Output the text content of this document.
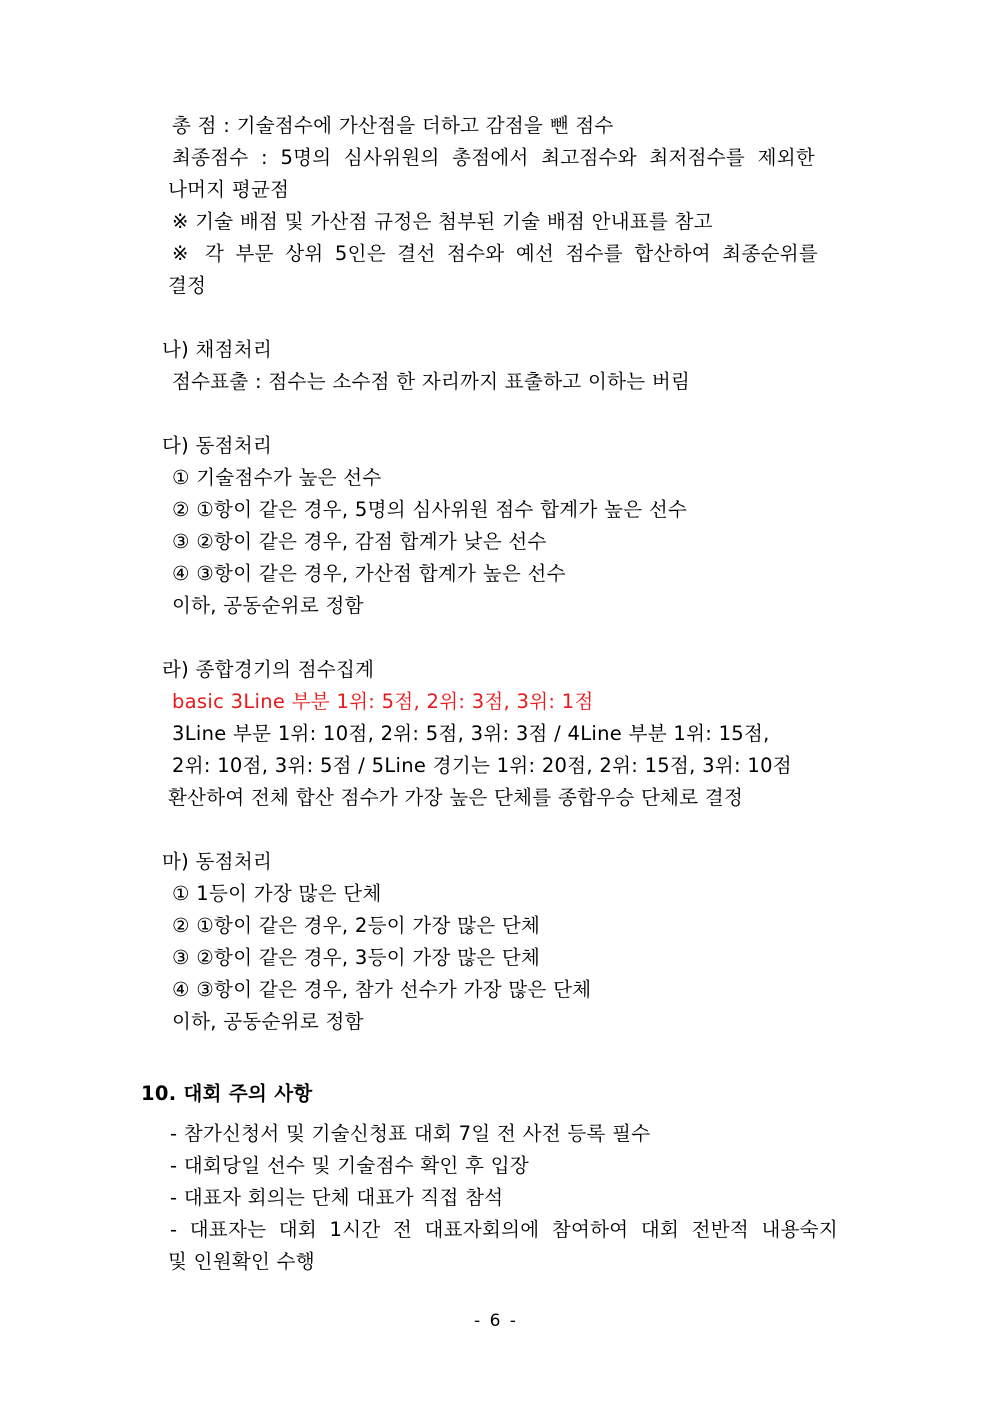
총 점 : 기술점수에 가산점을 더하고 감점을 뺀 점수
최종점수 : 5명의 심사위원의 총점에서 최고점수와 최저점수를 제외한
나머지 평균점
※ 기술 배점 및 가산점 규정은 첨부된 기술 배점 안내표를 참고
※ 각 부문 상위 5인은 결선 점수와 예선 점수를 합산하여 최종순위를
결정
나) 채점처리
점수표출 : 점수는 소수점 한 자리까지 표출하고 이하는 버림
다) 동점처리
① 기술점수가 높은 선수
② ①항이 같은 경우, 5명의 심사위원 점수 합계가 높은 선수
③ ②항이 같은 경우, 감점 합계가 낮은 선수
④ ③항이 같은 경우, 가산점 합계가 높은 선수
이하, 공동순위로 정함
라) 종합경기의 점수집계
basic 3Line 부분 1위: 5점, 2위: 3점, 3위: 1점
3Line 부문 1위: 10점, 2위: 5점, 3위: 3점 / 4Line 부분 1위: 15점,
2위: 10점, 3위: 5점 / 5Line 경기는 1위: 20점, 2위: 15점, 3위: 10점
환산하여 전체 합산 점수가 가장 높은 단체를 종합우승 단체로 결정
마) 동점처리
① 1등이 가장 많은 단체
② ①항이 같은 경우, 2등이 가장 많은 단체
③ ②항이 같은 경우, 3등이 가장 많은 단체
④ ③항이 같은 경우, 참가 선수가 가장 많은 단체
이하, 공동순위로 정함
10. 대회 주의 사항
- 참가신청서 및 기술신청표 대회 7일 전 사전 등록 필수
- 대회당일 선수 및 기술점수 확인 후 입장
- 대표자 회의는 단체 대표가 직접 참석
- 대표자는 대회 1시간 전 대표자회의에 참여하여 대회 전반적 내용숙지
및 인원확인 수행
- 6 -
